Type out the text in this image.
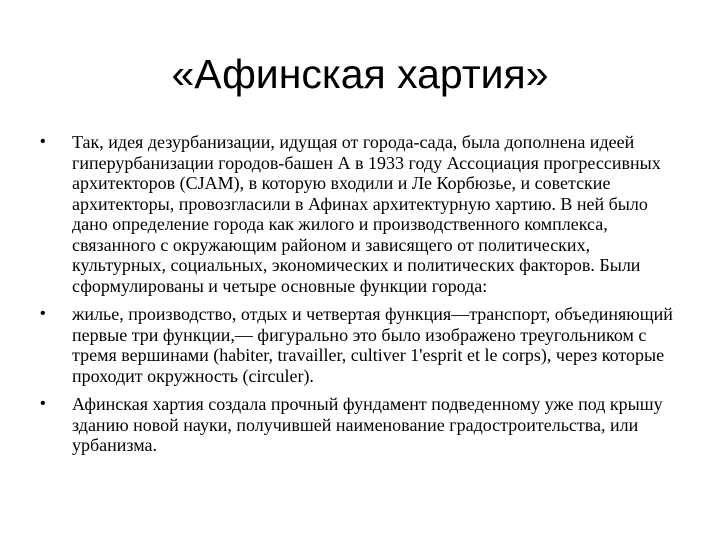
«Афинская хартия»
• Так, идея дезурбанизации, идущая от города-сада, была дополнена идеей гиперурбанизации городов-башен А в 1933 году Ассоциация прогрессивных архитекторов (CJAM), в которую входили и Ле Корбюзье, и советские архитекторы, провозгласили в Афинах архитектурную хартию. В ней было дано определение города как жилого и производственного комплекса, связанного с окружающим районом и зависящего от политических, культурных, социальных, экономических и политических факторов. Были сформулированы и четыре основные функции города:
• жилье, производство, отдых и четвертая функция—транспорт, объединяющий первые три функции,— фигурально это было изображено треугольником с тремя вершинами (habiter, travailler, cultiver 1'esprit et le corps), через которые проходит окружность (circuler).
• Афинская хартия создала прочный фундамент подведенному уже под крышу зданию новой науки, получившей наименование градостроительства, или урбанизма.
